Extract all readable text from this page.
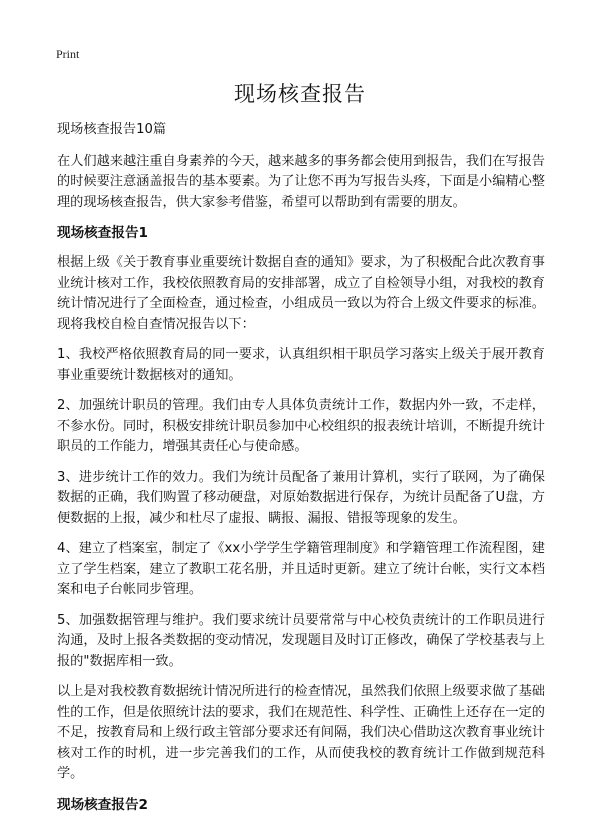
Print
现场核查报告

现场核查报告10篇

在人们越来越注重自身素养的今天，越来越多的事务都会使用到报告，我们在写报告的时候要注意涵盖报告的基本要素。为了让您不再为写报告头疼，下面是小编精心整理的现场核查报告，供大家参考借鉴，希望可以帮助到有需要的朋友。

现场核查报告1

根据上级《关于教育事业重要统计数据自查的通知》要求，为了积极配合此次教育事业统计核对工作，我校依照教育局的安排部署，成立了自检领导小组，对我校的教育统计情况进行了全面检查，通过检查，小组成员一致以为符合上级文件要求的标准。现将我校自检自查情况报告以下：

1、我校严格依照教育局的同一要求，认真组织相干职员学习落实上级关于展开教育事业重要统计数据核对的通知。

2、加强统计职员的管理。我们由专人具体负责统计工作，数据内外一致，不走样，不参水份。同时，积极安排统计职员参加中心校组织的报表统计培训，不断提升统计职员的工作能力，增强其责任心与使命感。

3、进步统计工作的效力。我们为统计员配备了兼用计算机，实行了联网，为了确保数据的正确，我们购置了移动硬盘，对原始数据进行保存，为统计员配备了U盘，方便数据的上报，减少和杜尽了虚报、瞒报、漏报、错报等现象的发生。

4、建立了档案室，制定了《xx小学学生学籍管理制度》和学籍管理工作流程图，建立了学生档案，建立了教职工花名册，并且适时更新。建立了统计台帐，实行文本档案和电子台帐同步管理。

5、加强数据管理与维护。我们要求统计员要常常与中心校负责统计的工作职员进行沟通，及时上报各类数据的变动情况，发现题目及时订正修改，确保了学校基表与上报的"数据库相一致。

以上是对我校教育数据统计情况所进行的检查情况，虽然我们依照上级要求做了基础性的工作，但是依照统计法的要求，我们在规范性、科学性、正确性上还存在一定的不足，按教育局和上级行政主管部分要求还有间隔，我们决心借助这次教育事业统计核对工作的时机，进一步完善我们的工作，从而使我校的教育统计工作做到规范科学。

现场核查报告2
